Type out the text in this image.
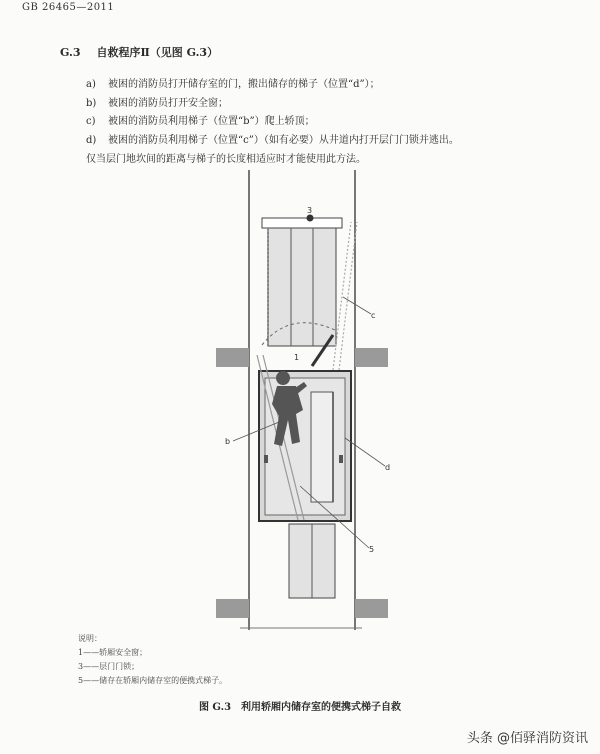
GB 26465—2011
G.3 自救程序Ⅱ（见图 G.3）
a) 被困的消防员打开储存室的门，搬出储存的梯子（位置“d”）；
b) 被困的消防员打开安全窗；
c) 被困的消防员利用梯子（位置“b”）爬上轿顶；
d) 被困的消防员利用梯子（位置“c”）（如有必要）从井道内打开层门门锁并逃出。
仅当层门地坎间的距离与梯子的长度相适应时才能使用此方法。
3
1
c
b
d
5
说明：
1——轿厢安全窗；
3——层门门锁；
5——储存在轿厢内储存室的便携式梯子。
图 G.3　利用轿厢内储存室的便携式梯子自救
头条 @佰驿消防资讯
